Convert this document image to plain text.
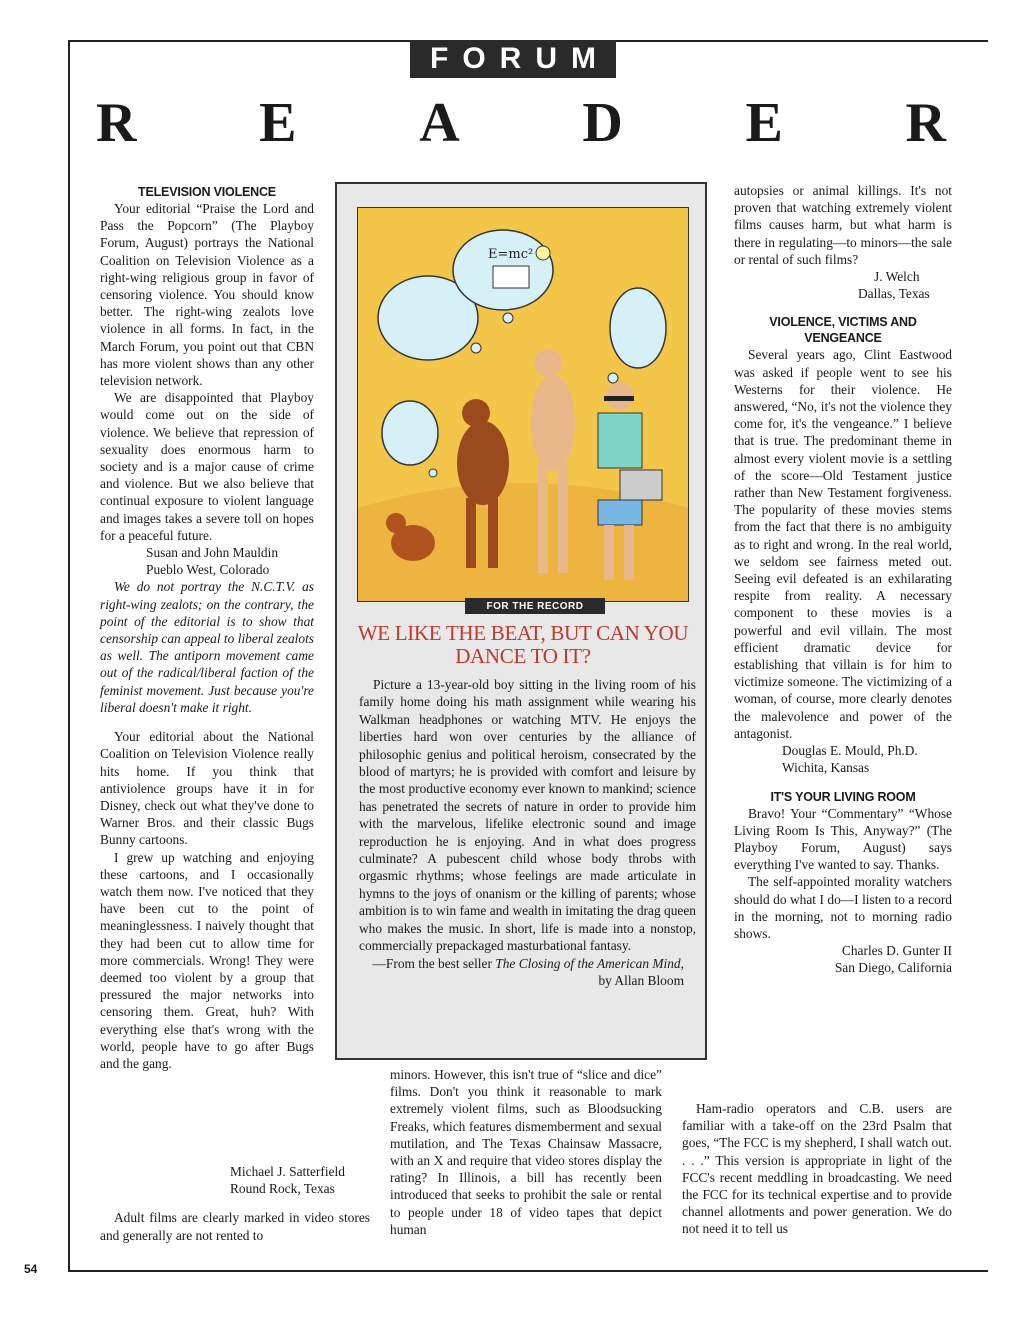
54
FORUM
R E A D E R

TELEVISION VIOLENCE

Your editorial “Praise the Lord and Pass the Popcorn” (The Playboy Forum, August) portrays the National Coalition on Television Violence as a right-wing religious group in favor of censoring violence. You should know better. The right-wing zealots love violence in all forms. In fact, in the March Forum, you point out that CBN has more violent shows than any other television network.

We are disappointed that Playboy would come out on the side of violence. We believe that repression of sexuality does enormous harm to society and is a major cause of crime and violence. But we also believe that continual exposure to violent language and images takes a severe toll on hopes for a peaceful future.

Susan and John Mauldin

Pueblo West, Colorado

We do not portray the N.C.T.V. as right-wing zealots; on the contrary, the point of the editorial is to show that censorship can appeal to liberal zealots as well. The antiporn movement came out of the radical/liberal faction of the feminist movement. Just because you're liberal doesn't make it right.

Your editorial about the National Coalition on Television Violence really hits home. If you think that antiviolence groups have it in for Disney, check out what they've done to Warner Bros. and their classic Bugs Bunny cartoons.

I grew up watching and enjoying these cartoons, and I occasionally watch them now. I've noticed that they have been cut to the point of meaninglessness. I naively thought that they had been cut to allow time for more commercials. Wrong! They were deemed too violent by a group that pressured the major networks into censoring them. Great, huh? With everything else that's wrong with the world, people have to go after Bugs and the gang.

Michael J. Satterfield

Round Rock, Texas

Adult films are clearly marked in video stores and generally are not rented to

minors. However, this isn't true of “slice and dice” films. Don't you think it reasonable to mark extremely violent films, such as Bloodsucking Freaks, which features dismemberment and sexual mutilation, and The Texas Chainsaw Massacre, with an X and require that video stores display the rating? In Illinois, a bill has recently been introduced that seeks to prohibit the sale or rental to people under 18 of video tapes that depict human

autopsies or animal killings. It's not proven that watching extremely violent films causes harm, but what harm is there in regulating—to minors—the sale or rental of such films?

J. Welch

Dallas, Texas

VIOLENCE, VICTIMS AND VENGEANCE

Several years ago, Clint Eastwood was asked if people went to see his Westerns for their violence. He answered, “No, it's not the violence they come for, it's the vengeance.” I believe that is true. The predominant theme in almost every violent movie is a settling of the score—Old Testament justice rather than New Testament forgiveness. The popularity of these movies stems from the fact that there is no ambiguity as to right and wrong. In the real world, we seldom see fairness meted out. Seeing evil defeated is an exhilarating respite from reality. A necessary component to these movies is a powerful and evil villain. The most efficient dramatic device for establishing that villain is for him to victimize someone. The victimizing of a woman, of course, more clearly denotes the malevolence and power of the antagonist.

Douglas E. Mould, Ph.D.

Wichita, Kansas

IT'S YOUR LIVING ROOM

Bravo! Your “Commentary” “Whose Living Room Is This, Anyway?” (The Playboy Forum, August) says everything I've wanted to say. Thanks.

The self-appointed morality watchers should do what I do—I listen to a record in the morning, not to morning radio shows.

Charles D. Gunter II

San Diego, California

Ham-radio operators and C.B. users are familiar with a take-off on the 23rd Psalm that goes, “The FCC is my shepherd, I shall watch out. . . .” This version is appropriate in light of the FCC's recent meddling in broadcasting. We need the FCC for its technical expertise and to provide channel allotments and power generation. We do not need it to tell us

E=mc²
FOR THE RECORD
WE LIKE THE BEAT, BUT CAN YOU DANCE TO IT?

Picture a 13-year-old boy sitting in the living room of his family home doing his math assignment while wearing his Walkman headphones or watching MTV. He enjoys the liberties hard won over centuries by the alliance of philosophic genius and political heroism, consecrated by the blood of martyrs; he is provided with comfort and leisure by the most productive economy ever known to mankind; science has penetrated the secrets of nature in order to provide him with the marvelous, lifelike electronic sound and image reproduction he is enjoying. And in what does progress culminate? A pubescent child whose body throbs with orgasmic rhythms; whose feelings are made articulate in hymns to the joys of onanism or the killing of parents; whose ambition is to win fame and wealth in imitating the drag queen who makes the music. In short, life is made into a nonstop, commercially prepackaged masturbational fantasy.

—From the best seller The Closing of the American Mind, by Allan Bloom
